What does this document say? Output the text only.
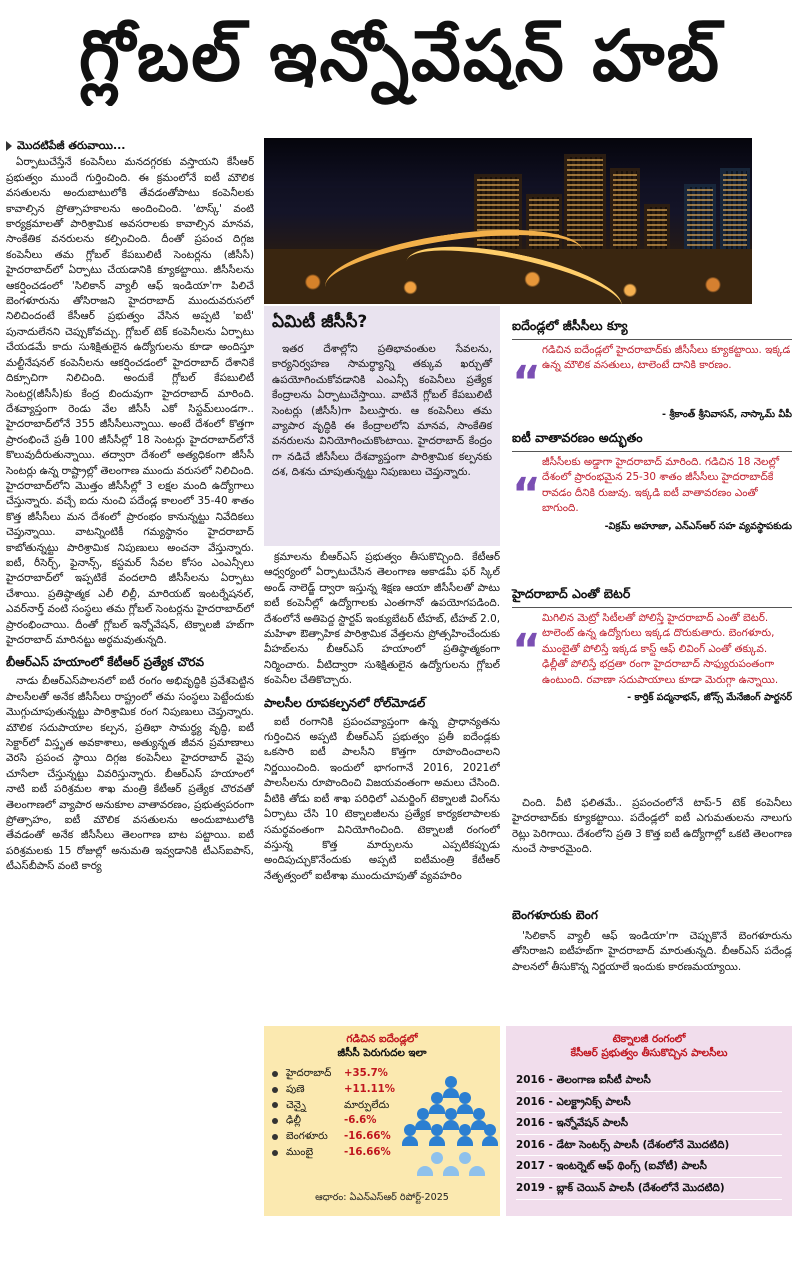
గ్లోబల్ ఇన్నోవేషన్ హబ్
మొదటిపేజీ తరువాయి...

ఏర్పాటుచేస్తేనే కంపెనీలు మనదగ్గరకు వస్తాయని కేసీఆర్ ప్రభుత్వం ముందే గుర్తించింది. ఈ క్రమంలోనే ఐటీ మౌలిక వసతులను అందుబాటులోకి తేవడంతోపాటు కంపెనీలకు కావాల్సిన ప్రోత్సాహకాలను అందించింది. 'టాస్క్' వంటి కార్యక్రమాలతో పారిశ్రామిక అవసరాలకు కావాల్సిన మానవ, సాంకేతిక వనరులను కల్పించింది. దీంతో ప్రపంచ దిగ్గజ కంపెనీలు తమ గ్లోబల్ కేపబులిటీ సెంటర్లను (జీసీసీ) హైదరాబాద్‌లో ఏర్పాటు చేయడానికి క్యూకట్టాయి. జీసీసీలను ఆకర్షించడంలో 'సిలికాన్ వ్యాలీ ఆఫ్ ఇండియా'గా పిలిచే బెంగళూరును తోసిరాజని హైదరాబాద్ ముందువరుసలో నిలిచిందంటే కేసీఆర్ ప్రభుత్వం వేసిన అప్పటి 'ఐటీ' పునాదులేనని చెప్పుకోవచ్చు. గ్లోబల్ టెక్ కంపెనీలను ఏర్పాటు చేయడమే కాదు సుశిక్షితులైన ఉద్యోగులను కూడా అందిస్తూ మల్టీనేషనల్ కంపెనీలను ఆకర్షించడంలో హైదరాబాద్ దేశానికే దిక్సూచిగా నిలిచింది. అందుకే గ్లోబల్ కేపబులిటీ సెంటర్ల(జీసీసీ)కు కేంద్ర బిందువుగా హైదరాబాద్ మారింది. దేశవ్యాప్తంగా రెండు వేల జీసీసీ ఎకో సిస్టమ్‌లుండగా.. హైదరాబాద్‌లోనే 355 జీసీసీలున్నాయి. అంటే దేశంలో కొత్తగా ప్రారంభించే ప్రతీ 100 జీసీసీల్లో 18 సెంటర్లు హైదరాబాద్‌లోనే కొలువుదీరుతున్నాయి. తద్వారా దేశంలో అత్యధికంగా జీసీసీ సెంటర్లు ఉన్న రాష్ట్రాల్లో తెలంగాణ ముందు వరుసలో నిలిచింది. హైదరాబాద్‌లోని మొత్తం జీసీసీల్లో 3 లక్షల మంది ఉద్యోగాలు చేస్తున్నారు. వచ్చే ఐదు నుంచి పదేండ్ల కాలంలో 35-40 శాతం కొత్త జీసీసీలు మన దేశంలో ప్రారంభం కానున్నట్టు నివేదికలు చెప్తున్నాయి. వాటన్నింటికీ గమ్యస్థానం హైదరాబాద్ కాబోతున్నట్టు పారిశ్రామిక నిపుణులు అంచనా వేస్తున్నారు. ఐటీ, రీసెర్చ్, ఫైనాన్స్, కస్టమర్ సేవల కోసం ఎంఎన్సీలు హైదరాబాద్‌లో ఇప్పటికే వందలాది జీసీసీలను ఏర్పాటు చేశాయి. ప్రతిష్ఠాత్మక ఎలీ లిల్లీ, మారియట్ ఇంటర్నేషనల్, ఎవర్‌నార్త్ వంటి సంస్థలు తమ గ్లోబల్ సెంటర్లను హైదరాబాద్‌లో ప్రారంభించాయి. దీంతో గ్లోబల్ ఇన్నోవేషన్, టెక్నాలజీ హబ్‌గా హైదరాబాద్ మారినట్టు అర్థమవుతున్నది.

బీఆర్ఎస్ హయాంలో కేటీఆర్ ప్రత్యేక చొరవ

నాడు బీఆర్ఎస్‌పాలనలో ఐటీ రంగం అభివృద్ధికి ప్రవేశపెట్టిన పాలసీలతో అనేక జీసీసీలు రాష్ట్రంలో తమ సంస్థలు పెట్టేందుకు మొగ్గుచూపుతున్నట్టు పారిశ్రామిక రంగ నిపుణులు చెప్తున్నారు. మౌలిక సదుపాయాల కల్పన, ప్రతిభా సామర్థ్య వృద్ధి, ఐటీ సెక్టార్‌లో విస్తృత అవకాశాలు, అత్యున్నత జీవన ప్రమాణాలు వెరసి ప్రపంచ స్థాయి దిగ్గజ కంపెనీలు హైదరాబాద్ వైపు చూసేలా చేస్తున్నట్టు వివరిస్తున్నారు. బీఆర్ఎస్ హయాంలో నాటి ఐటీ పరిశ్రమల శాఖ మంత్రి కేటీఆర్ ప్రత్యేక చొరవతో తెలంగాణలో వ్యాపార అనుకూల వాతావరణం, ప్రభుత్వపరంగా ప్రోత్సాహం, ఐటీ మౌలిక వసతులను అందుబాటులోకి తేవడంతో అనేక జీసీసీలు తెలంగాణ బాట పట్టాయి. ఐటీ పరిశ్రమలకు 15 రోజుల్లో అనుమతి ఇవ్వడానికి టీఎస్‌ఐపాస్, టీఎస్‌బీపాస్ వంటి కార్య

ఏమిటీ జీసీసీ?

ఇతర దేశాల్లోని ప్రతిభావంతుల సేవలను, కార్యనిర్వహణ సామర్థ్యాన్ని తక్కువ ఖర్చుతో ఉపయోగించుకోవడానికి ఎంఎన్సీ కంపెనీలు ప్రత్యేక కేంద్రాలను ఏర్పాటుచేస్తాయి. వాటినే గ్లోబల్ కేపబులిటీ సెంటర్లు (జీసీసీ)గా పిలుస్తారు. ఆ కంపెనీలు తమ వ్యాపార వృద్ధికి ఈ కేంద్రాలలోని మానవ, సాంకేతిక వనరులను వినియోగించుకొంటాయి. హైదరాబాద్ కేంద్రం గా నడిచే జీసీసీలు దేశవ్యాప్తంగా పారిశ్రామిక కల్పనకు దశ, దిశను చూపుతున్నట్టు నిపుణులు చెప్తున్నారు.

క్రమాలను బీఆర్ఎస్ ప్రభుత్వం తీసుకొచ్చింది. కేటీఆర్ ఆధ్వర్యంలో ఏర్పాటుచేసిన తెలంగాణ అకాడమీ ఫర్ స్కిల్ అండ్ నాలెడ్జ్ ద్వారా ఇస్తున్న శిక్షణ ఆయా జీసీసీలతో పాటు ఐటీ కంపెనీల్లో ఉద్యోగాలకు ఎంతగానో ఉపయోగపడింది. దేశంలోనే అతిపెద్ద స్టార్టప్ ఇంక్యుబేటర్ టీహబ్, టీహబ్ 2.0, మహిళా ఔత్సాహిక పారిశ్రామిక వేత్తలను ప్రోత్సహించేందుకు వీహబ్‌లను బీఆర్ఎస్ హయాంలో ప్రతిష్ఠాత్మకంగా నిర్మించారు. వీటిద్వారా సుశిక్షితులైన ఉద్యోగులను గ్లోబల్ కంపెనీల చేతికొచ్చారు.

పాలసీల రూపకల్పనలో రోల్‌మోడల్

ఐటీ రంగానికి ప్రపంచవ్యాప్తంగా ఉన్న ప్రాధాన్యతను గుర్తించిన అప్పటి బీఆర్ఎస్ ప్రభుత్వం ప్రతీ ఐదేండ్లకు ఒకసారి ఐటీ పాలసీని కొత్తగా రూపొందించాలని నిర్ణయించింది. ఇందులో భాగంగానే 2016, 2021లో పాలసీలను రూపొందించి విజయవంతంగా అమలు చేసింది. వీటికి తోడు ఐటీ శాఖ పరిధిలో ఎమర్జింగ్ టెక్నాలజీ వింగ్‌ను ఏర్పాటు చేసి 10 టెక్నాలజీలను ప్రత్యేక కార్యకలాపాలకు సమర్థవంతంగా వినియోగించింది. టెక్నాలజీ రంగంలో వస్తున్న కొత్త మార్పులను ఎప్పటికప్పుడు అందిపుచ్చుకొనేందుకు అప్పటి ఐటీమంత్రి కేటీఆర్ నేతృత్వంలో ఐటీశాఖ ముందుచూపుతో వ్యవహరిం

ఐదేండ్లలో జీసీసీలు క్యూ
“
గడిచిన ఐదేండ్లలో హైదరాబాద్‌కు జీసీసీలు క్యూకట్టాయి. ఇక్కడ ఉన్న మౌలిక వసతులు, టాలెంటే దానికి కారణం.
- శ్రీకాంత్ శ్రీనివాసన్, నాస్కామ్ వీపీ
ఐటీ వాతావరణం అద్భుతం
“
జీసీసీలకు అడ్డాగా హైదరాబాద్ మారింది. గడిచిన 18 నెలల్లో దేశంలో ప్రారంభమైన 25-30 శాతం జీసీసీలు హైదరాబాద్‌కే రావడం దీనికి రుజువు. ఇక్కడి ఐటీ వాతావరణం ఎంతో బాగుంది.
-విక్రమ్ అహూజా, ఎన్‌ఎస్‌ఆర్ సహ వ్యవస్థాపకుడు
హైదరాబాద్ ఎంతో బెటర్
“
మిగిలిన మెట్రో సిటీలతో పోలిస్తే హైదరాబాద్ ఎంతో బెటర్. టాలెంట్ ఉన్న ఉద్యోగులు ఇక్కడ దొరుకుతారు. బెంగళూరు, ముంబైతో పోలిస్తే ఇక్కడ కాస్ట్ ఆఫ్ లివింగ్ ఎంతో తక్కువ. ఢిల్లీతో పోలిస్తే భద్రతా రంగా హైదరాబాద్ సాఫ్యురుపంతంగా ఉంటుంది. రవాణా సదుపాయాలు కూడా మెరుగ్గా ఉన్నాయి.
- కార్తిక్ పద్మనాభన్, జోన్స్ మేనేజింగ్ పార్టనర్

చింది. వీటి ఫలితమే.. ప్రపంచంలోనే టాప్-5 టెక్ కంపెనీలు హైదరాబాద్‌కు క్యూకట్టాయి. పదేండ్లలో ఐటీ ఎగుమతులను నాలుగు రెట్లు పెరిగాయి. దేశంలోని ప్రతి 3 కొత్త ఐటీ ఉద్యోగాల్లో ఒకటి తెలంగాణ నుంచే సాకారమైంది.

బెంగళూరుకు బెంగ

'సిలికాన్ వ్యాలీ ఆఫ్ ఇండియా'గా చెప్పుకొనే బెంగళూరును తోసిరాజని ఐటీహబ్‌గా హైదరాబాద్ మారుతున్నది. బీఆర్ఎస్ పదేండ్ల పాలనలో తీసుకొన్న నిర్ణయాలే ఇందుకు కారణమయ్యాయి.

గడిచిన ఐదేండ్లలో
జీసీసీ పెరుగుదల ఇలా
హైదరాబాద్	+35.7%
పుణె	+11.11%
చెన్నై	మార్పులేదు
ఢిల్లీ	-6.6%
బెంగళూరు	-16.66%
ముంబై	-16.66%
ఆధారం: ఏఎన్ఎస్ఆర్ రిపోర్ట్-2025
టెక్నాలజీ రంగంలో
కేసీఆర్ ప్రభుత్వం తీసుకొచ్చిన పాలసీలు
2016 - తెలంగాణ ఐసీటీ పాలసీ
2016 - ఎలక్ట్రానిక్స్ పాలసీ
2016 - ఇన్నోవేషన్ పాలసీ
2016 - డేటా సెంటర్స్ పాలసీ (దేశంలోనే మొదటిది)
2017 - ఇంటర్నెట్ ఆఫ్ థింగ్స్ (ఐవోటీ) పాలసీ
2019 - బ్లాక్ చెయిన్ పాలసీ (దేశంలోనే మొదటిది)
